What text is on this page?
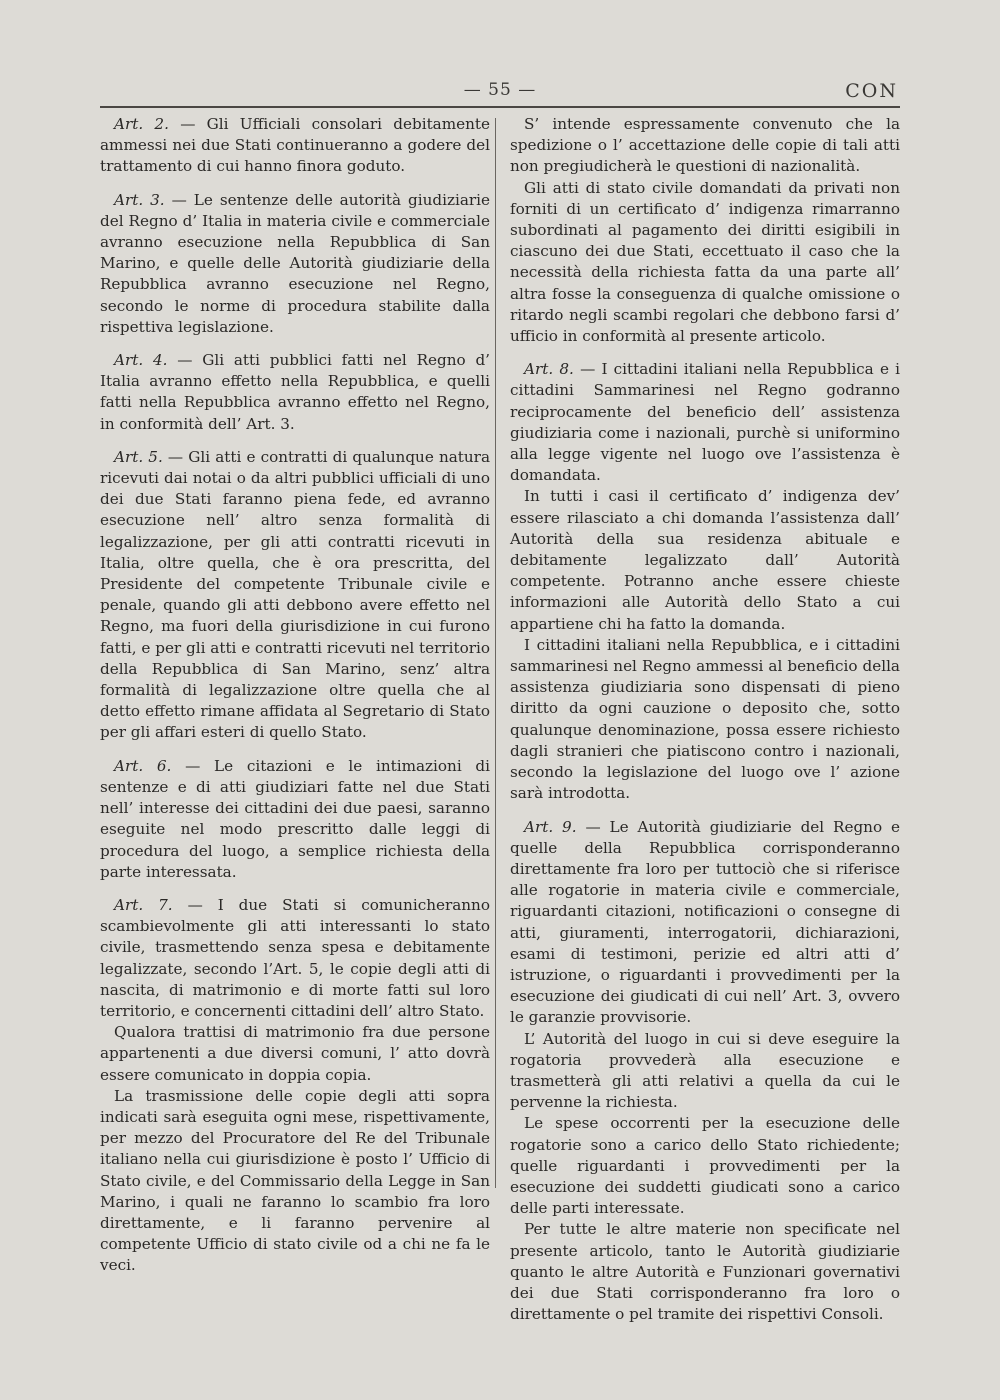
— 55 —	CON

Art. 2. — Gli Ufficiali consolari debitamente ammessi nei due Stati continueranno a godere del trattamento di cui hanno finora goduto.

Art. 3. — Le sentenze delle autorità giudiziarie del Regno d’ Italia in materia civile e commerciale avranno esecuzione nella Repubblica di San Marino, e quelle delle Autorità giudiziarie della Repubblica avranno esecuzione nel Regno, secondo le norme di procedura stabilite dalla rispettiva legislazione.

Art. 4. — Gli atti pubblici fatti nel Regno d’ Italia avranno effetto nella Repubblica, e quelli fatti nella Repubblica avranno effetto nel Regno, in conformità dell’ Art. 3.

Art. 5. — Gli atti e contratti di qualunque natura ricevuti dai notai o da altri pubblici ufficiali di uno dei due Stati faranno piena fede, ed avranno esecuzione nell’ altro senza formalità di legalizzazione, per gli atti contratti ricevuti in Italia, oltre quella, che è ora prescritta, del Presidente del competente Tribunale civile e penale, quando gli atti debbono avere effetto nel Regno, ma fuori della giurisdizione in cui furono fatti, e per gli atti e contratti ricevuti nel territorio della Repubblica di San Marino, senz’ altra formalità di legalizzazione oltre quella che al detto effetto rimane affidata al Segretario di Stato per gli affari esteri di quello Stato.

Art. 6. — Le citazioni e le intimazioni di sentenze e di atti giudiziari fatte nel due Stati nell’ interesse dei cittadini dei due paesi, saranno eseguite nel modo prescritto dalle leggi di procedura del luogo, a semplice richiesta della parte interessata.

Art. 7. — I due Stati si comunicheranno scambievolmente gli atti interessanti lo stato civile, trasmettendo senza spesa e debitamente legalizzate, secondo l’Art. 5, le copie degli atti di nascita, di matrimonio e di morte fatti sul loro territorio, e concernenti cittadini dell’ altro Stato.

Qualora trattisi di matrimonio fra due persone appartenenti a due diversi comuni, l’ atto dovrà essere comunicato in doppia copia.

La trasmissione delle copie degli atti sopra indicati sarà eseguita ogni mese, rispettivamente, per mezzo del Procuratore del Re del Tribunale italiano nella cui giurisdizione è posto l’ Ufficio di Stato civile, e del Commissario della Legge in San Marino, i quali ne faranno lo scambio fra loro direttamente, e li faranno pervenire al competente Ufficio di stato civile od a chi ne fa le veci.

S’ intende espressamente convenuto che la spedizione o l’ accettazione delle copie di tali atti non pregiudicherà le questioni di nazionalità.

Gli atti di stato civile domandati da privati non forniti di un certificato d’ indigenza rimarranno subordinati al pagamento dei diritti esigibili in ciascuno dei due Stati, eccettuato il caso che la necessità della richiesta fatta da una parte all’ altra fosse la conseguenza di qualche omissione o ritardo negli scambi regolari che debbono farsi d’ ufficio in conformità al presente articolo.

Art. 8. — I cittadini italiani nella Repubblica e i cittadini Sammarinesi nel Regno godranno reciprocamente del beneficio dell’ assistenza giudiziaria come i nazionali, purchè si uniformino alla legge vigente nel luogo ove l’assistenza è domandata.

In tutti i casi il certificato d’ indigenza dev’ essere rilasciato a chi domanda l’assistenza dall’ Autorità della sua residenza abituale e debitamente legalizzato dall’ Autorità competente. Potranno anche essere chieste informazioni alle Autorità dello Stato a cui appartiene chi ha fatto la domanda.

I cittadini italiani nella Repubblica, e i cittadini sammarinesi nel Regno ammessi al beneficio della assistenza giudiziaria sono dispensati di pieno diritto da ogni cauzione o deposito che, sotto qualunque denominazione, possa essere richiesto dagli stranieri che piatiscono contro i nazionali, secondo la legislazione del luogo ove l’ azione sarà introdotta.

Art. 9. — Le Autorità giudiziarie del Regno e quelle della Repubblica corrisponderanno direttamente fra loro per tuttociò che si riferisce alle rogatorie in materia civile e commerciale, riguardanti citazioni, notificazioni o consegne di atti, giuramenti, interrogatorii, dichiarazioni, esami di testimoni, perizie ed altri atti d’ istruzione, o riguardanti i provvedimenti per la esecuzione dei giudicati di cui nell’ Art. 3, ovvero le garanzie provvisorie.

L’ Autorità del luogo in cui si deve eseguire la rogatoria provvederà alla esecuzione e trasmetterà gli atti relativi a quella da cui le pervenne la richiesta.

Le spese occorrenti per la esecuzione delle rogatorie sono a carico dello Stato richiedente; quelle riguardanti i provvedimenti per la esecuzione dei suddetti giudicati sono a carico delle parti interessate.

Per tutte le altre materie non specificate nel presente articolo, tanto le Autorità giudiziarie quanto le altre Autorità e Funzionari governativi dei due Stati corrisponderanno fra loro o direttamente o pel tramite dei rispettivi Consoli.
